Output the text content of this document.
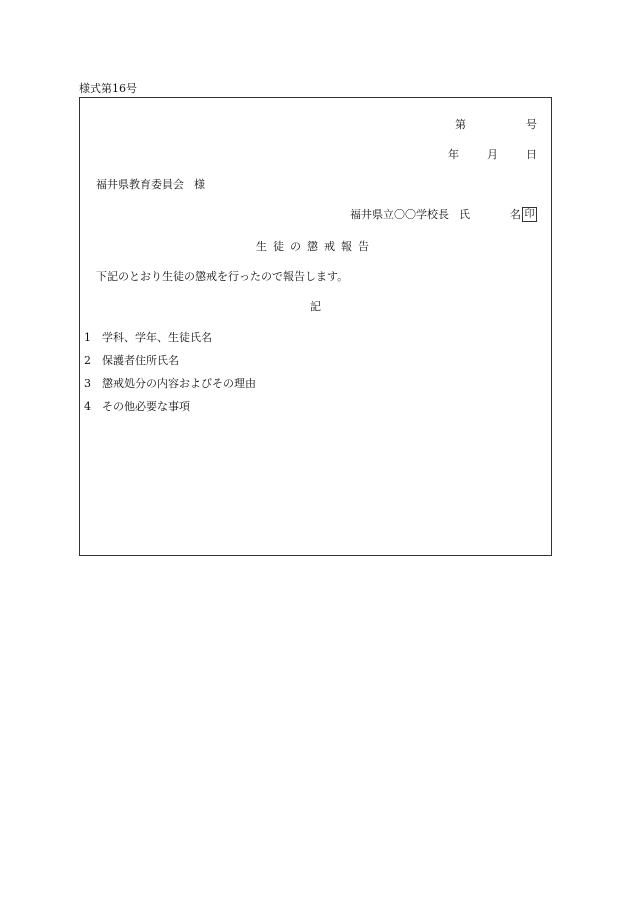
様式第16号
第	号
年	月	日
福井県教育委員会 様
福井県立〇〇学校長 氏	名 印
生徒の懲戒報告
下記のとおり生徒の懲戒を行ったので報告します。
記
1 学科、学年、生徒氏名
2 保護者住所氏名
3 懲戒処分の内容およびその理由
4 その他必要な事項
